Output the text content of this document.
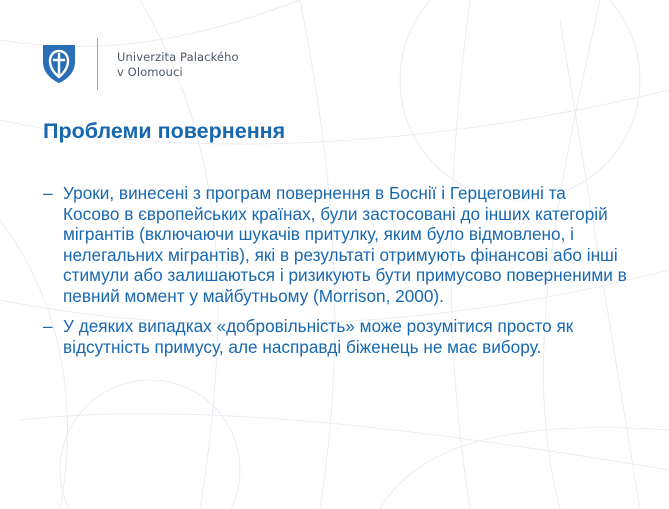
Univerzita Palackého
v Olomouci
Проблеми повернення
– Уроки, винесені з програм повернення в Боснії і Герцеговині та Косово в європейських країнах, були застосовані до інших категорій мігрантів (включаючи шукачів притулку, яким було відмовлено, і нелегальних мігрантів), які в результаті отримують фінансові або інші стимули або залишаються і ризикують бути примусово поверненими в певний момент у майбутньому (Morrison, 2000).
– У деяких випадках «добровільність» може розумітися просто як відсутність примусу, але насправді біженець не має вибору.
